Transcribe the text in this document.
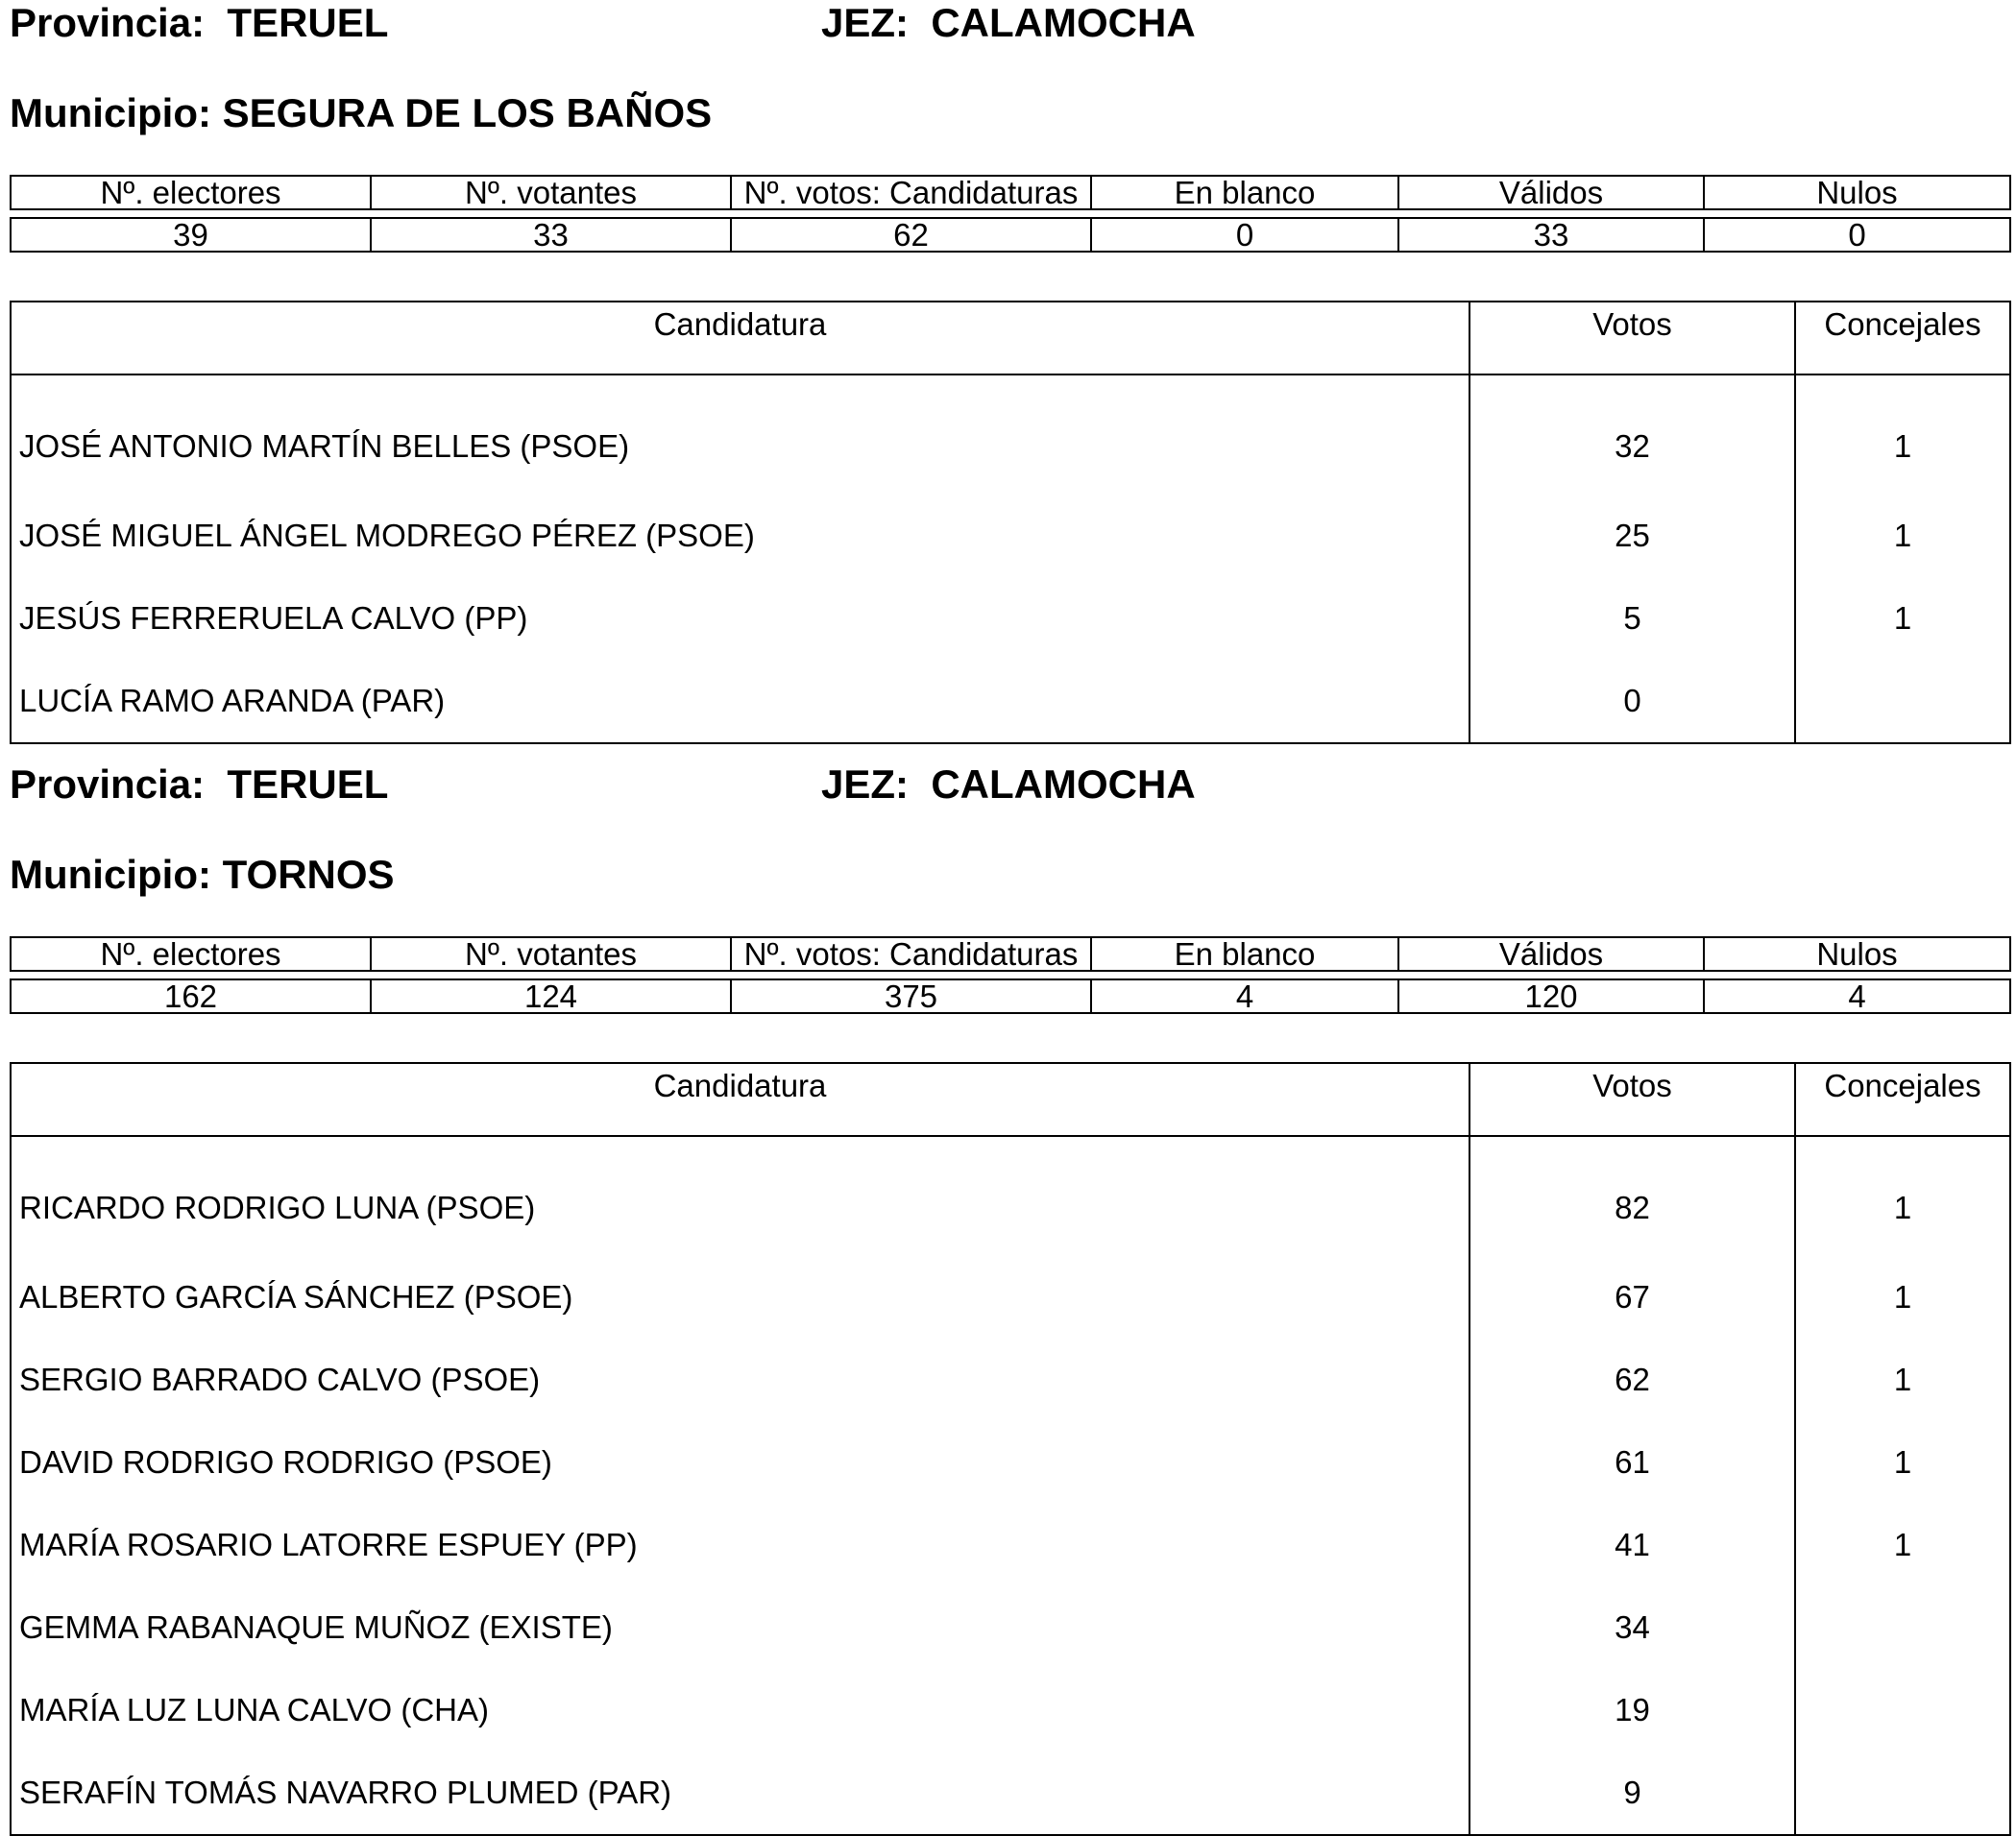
Provincia:  TERUEL	JEZ:  CALAMOCHA
Municipio: SEGURA DE LOS BAÑOS
Nº. electores	Nº. votantes	Nº. votos: Candidaturas	En blanco	Válidos	Nulos
39	33	62	0	33	0
Candidatura	Votos	Concejales
JOSÉ ANTONIO MARTÍN BELLES (PSOE)	32	1
JOSÉ MIGUEL ÁNGEL MODREGO PÉREZ (PSOE)	25	1
JESÚS FERRERUELA CALVO (PP)	5	1
LUCÍA RAMO ARANDA (PAR)	0	
Provincia:  TERUEL	JEZ:  CALAMOCHA
Municipio: TORNOS
Nº. electores	Nº. votantes	Nº. votos: Candidaturas	En blanco	Válidos	Nulos
162	124	375	4	120	4
Candidatura	Votos	Concejales
RICARDO RODRIGO LUNA (PSOE)	82	1
ALBERTO GARCÍA SÁNCHEZ (PSOE)	67	1
SERGIO BARRADO CALVO (PSOE)	62	1
DAVID RODRIGO RODRIGO (PSOE)	61	1
MARÍA ROSARIO LATORRE ESPUEY (PP)	41	1
GEMMA RABANAQUE MUÑOZ (EXISTE)	34	
MARÍA LUZ LUNA CALVO (CHA)	19	
SERAFÍN TOMÁS NAVARRO PLUMED (PAR)	9	
